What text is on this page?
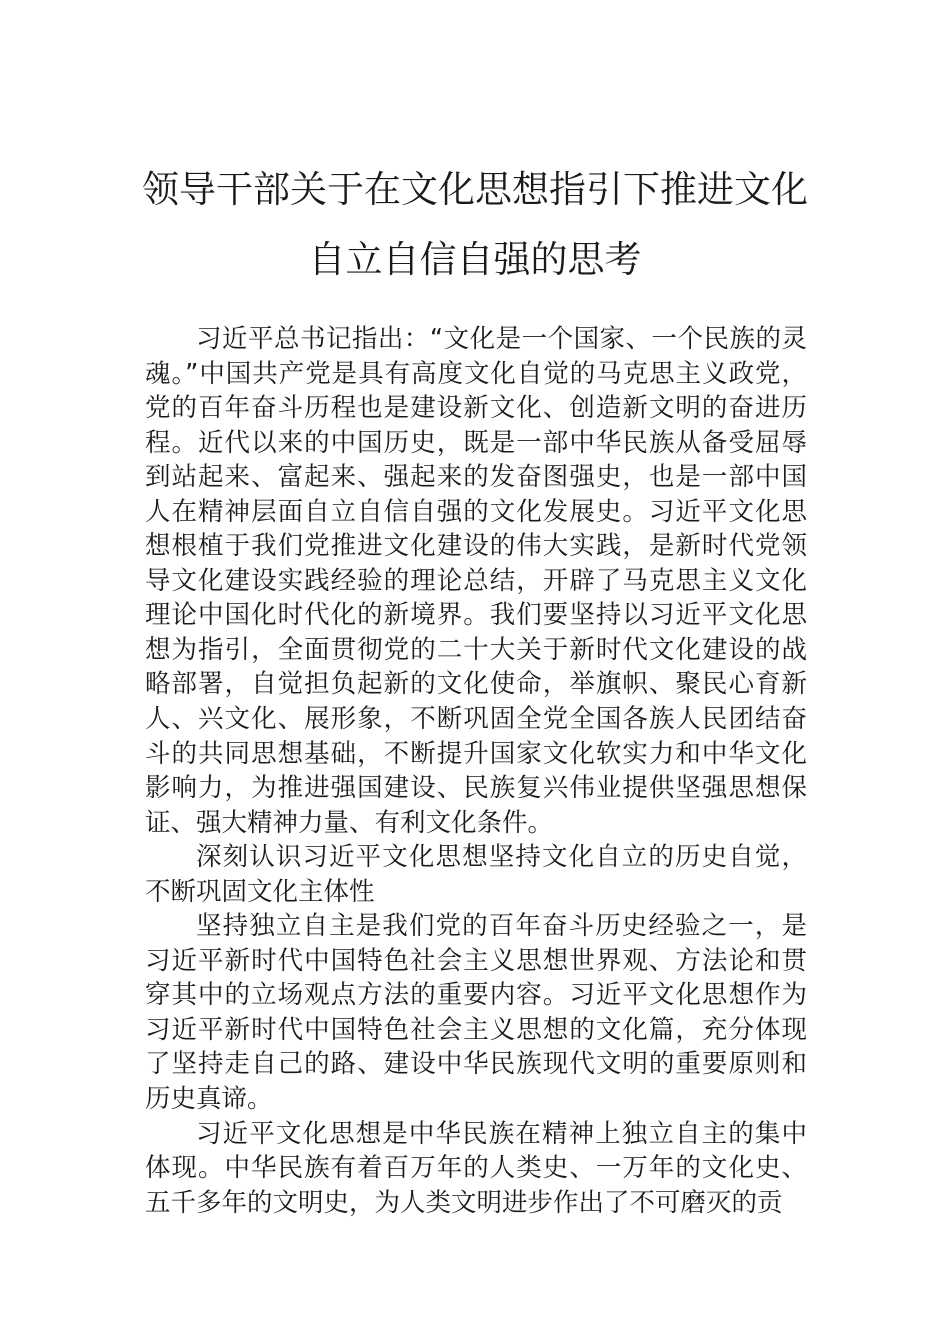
领导干部关于在文化思想指引下推进文化
自立自信自强的思考

习近平总书记指出：“文化是一个国家、一个民族的灵魂。”中国共产党是具有高度文化自觉的马克思主义政党，党的百年奋斗历程也是建设新文化、创造新文明的奋进历程。近代以来的中国历史，既是一部中华民族从备受屈辱到站起来、富起来、强起来的发奋图强史，也是一部中国人在精神层面自立自信自强的文化发展史。习近平文化思想根植于我们党推进文化建设的伟大实践，是新时代党领导文化建设实践经验的理论总结，开辟了马克思主义文化理论中国化时代化的新境界。我们要坚持以习近平文化思想为指引，全面贯彻党的二十大关于新时代文化建设的战略部署，自觉担负起新的文化使命，举旗帜、聚民心育新人、兴文化、展形象，不断巩固全党全国各族人民团结奋斗的共同思想基础，不断提升国家文化软实力和中华文化影响力，为推进强国建设、民族复兴伟业提供坚强思想保证、强大精神力量、有利文化条件。

深刻认识习近平文化思想坚持文化自立的历史自觉，不断巩固文化主体性

坚持独立自主是我们党的百年奋斗历史经验之一，是习近平新时代中国特色社会主义思想世界观、方法论和贯穿其中的立场观点方法的重要内容。习近平文化思想作为习近平新时代中国特色社会主义思想的文化篇，充分体现了坚持走自己的路、建设中华民族现代文明的重要原则和历史真谛。

习近平文化思想是中华民族在精神上独立自主的集中体现。中华民族有着百万年的人类史、一万年的文化史、五千多年的文明史，为人类文明进步作出了不可磨灭的贡
